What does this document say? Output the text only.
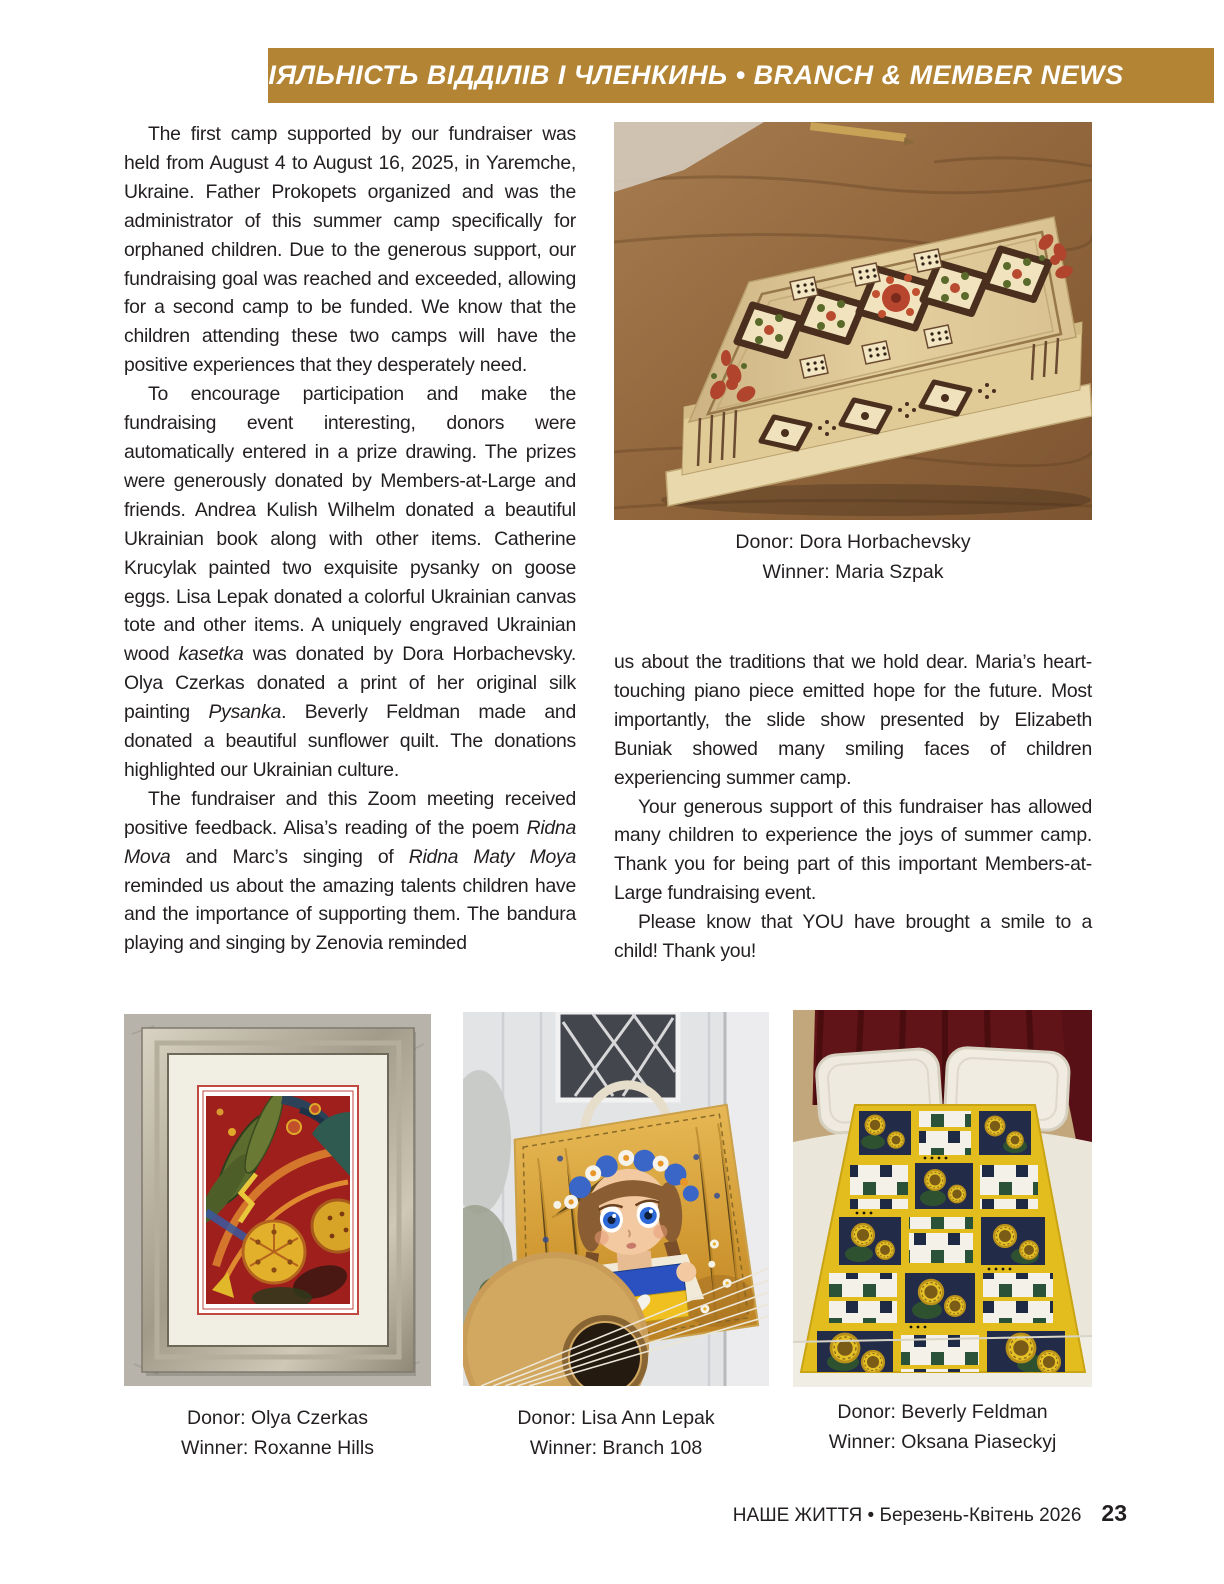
ДІЯЛЬНІСТЬ ВІДДІЛІВ І ЧЛЕНКИНЬ • BRANCH & MEMBER NEWS

The first camp supported by our fundraiser was held from August 4 to August 16, 2025, in Yaremche, Ukraine. Father Prokopets organized and was the administrator of this summer camp specifically for orphaned children. Due to the generous support, our fundraising goal was reached and exceeded, allowing for a second camp to be funded. We know that the children attending these two camps will have the positive experiences that they desperately need.

To encourage participation and make the fundraising event interesting, donors were automatically entered in a prize drawing. The prizes were generously donated by Members-at-Large and friends. Andrea Kulish Wilhelm donated a beautiful Ukrainian book along with other items. Catherine Krucylak painted two exquisite pysanky on goose eggs. Lisa Lepak donated a colorful Ukrainian canvas tote and other items. A uniquely engraved Ukrainian wood kasetka was donated by Dora Horbachevsky. Olya Czerkas donated a print of her original silk painting Pysanka. Beverly Feldman made and donated a beautiful sunflower quilt. The donations highlighted our Ukrainian culture.

The fundraiser and this Zoom meeting received positive feedback. Alisa’s reading of the poem Ridna Mova and Marc’s singing of Ridna Maty Moya reminded us about the amazing talents children have and the importance of supporting them. The bandura playing and singing by Zenovia reminded

Donor: Dora Horbachevsky
Winner: Maria Szpak

us about the traditions that we hold dear. Maria’s heart-touching piano piece emitted hope for the future. Most importantly, the slide show presented by Elizabeth Buniak showed many smiling faces of children experiencing summer camp.

Your generous support of this fundraiser has allowed many children to experience the joys of summer camp. Thank you for being part of this important Members-at-Large fundraising event.

Please know that YOU have brought a smile to a child! Thank you!

Donor: Olya Czerkas
Winner: Roxanne Hills
Donor: Lisa Ann Lepak
Winner: Branch 108
Donor: Beverly Feldman
Winner: Oksana Piaseckyj
НАШЕ ЖИТТЯ • Березень-Квітень 2026 23
